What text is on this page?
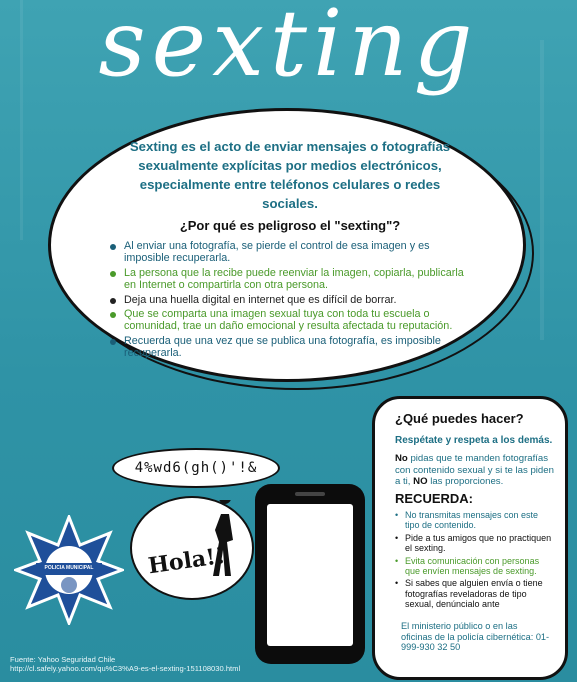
sexting
Sexting es el acto de enviar mensajes o fotografías sexualmente explícitas por medios electrónicos, especialmente entre teléfonos celulares o redes sociales.
¿Por qué es peligroso el "sexting"?
Al enviar una fotografía, se pierde el control de esa imagen y es imposible recuperarla.
La persona que la recibe puede reenviar la imagen, copiarla, publicarla en Internet o compartirla con otra persona.
Deja una huella digital en internet que es difícil de borrar.
Que se comparta una imagen sexual tuya con toda tu escuela o comunidad, trae un daño emocional y resulta afectada tu reputación.
Recuerda que una vez que se publica una fotografía, es imposible recuperarla.
4%wd6(gh()'!&
Hola!!
¿Qué puedes hacer?
Respétate y respeta a los demás.
No pidas que te manden fotografías con contenido sexual y si te las piden a ti, NO las proporciones.
RECUERDA:
• No transmitas mensajes con este tipo de contenido.
• Pide a tus amigos que no practiquen el sexting.
• Evita comunicación con personas que envíen mensajes de sexting.
• Si sabes que alguien envía o tiene fotografías reveladoras de tipo sexual, denúncialo ante
El ministerio público o en las oficinas de la policía cibernética: 01-999-930 32 50
POLICIA MUNICIPAL
Fuente: Yahoo Seguridad Chile
http://cl.safely.yahoo.com/qu%C3%A9-es-el-sexting-151108030.html
